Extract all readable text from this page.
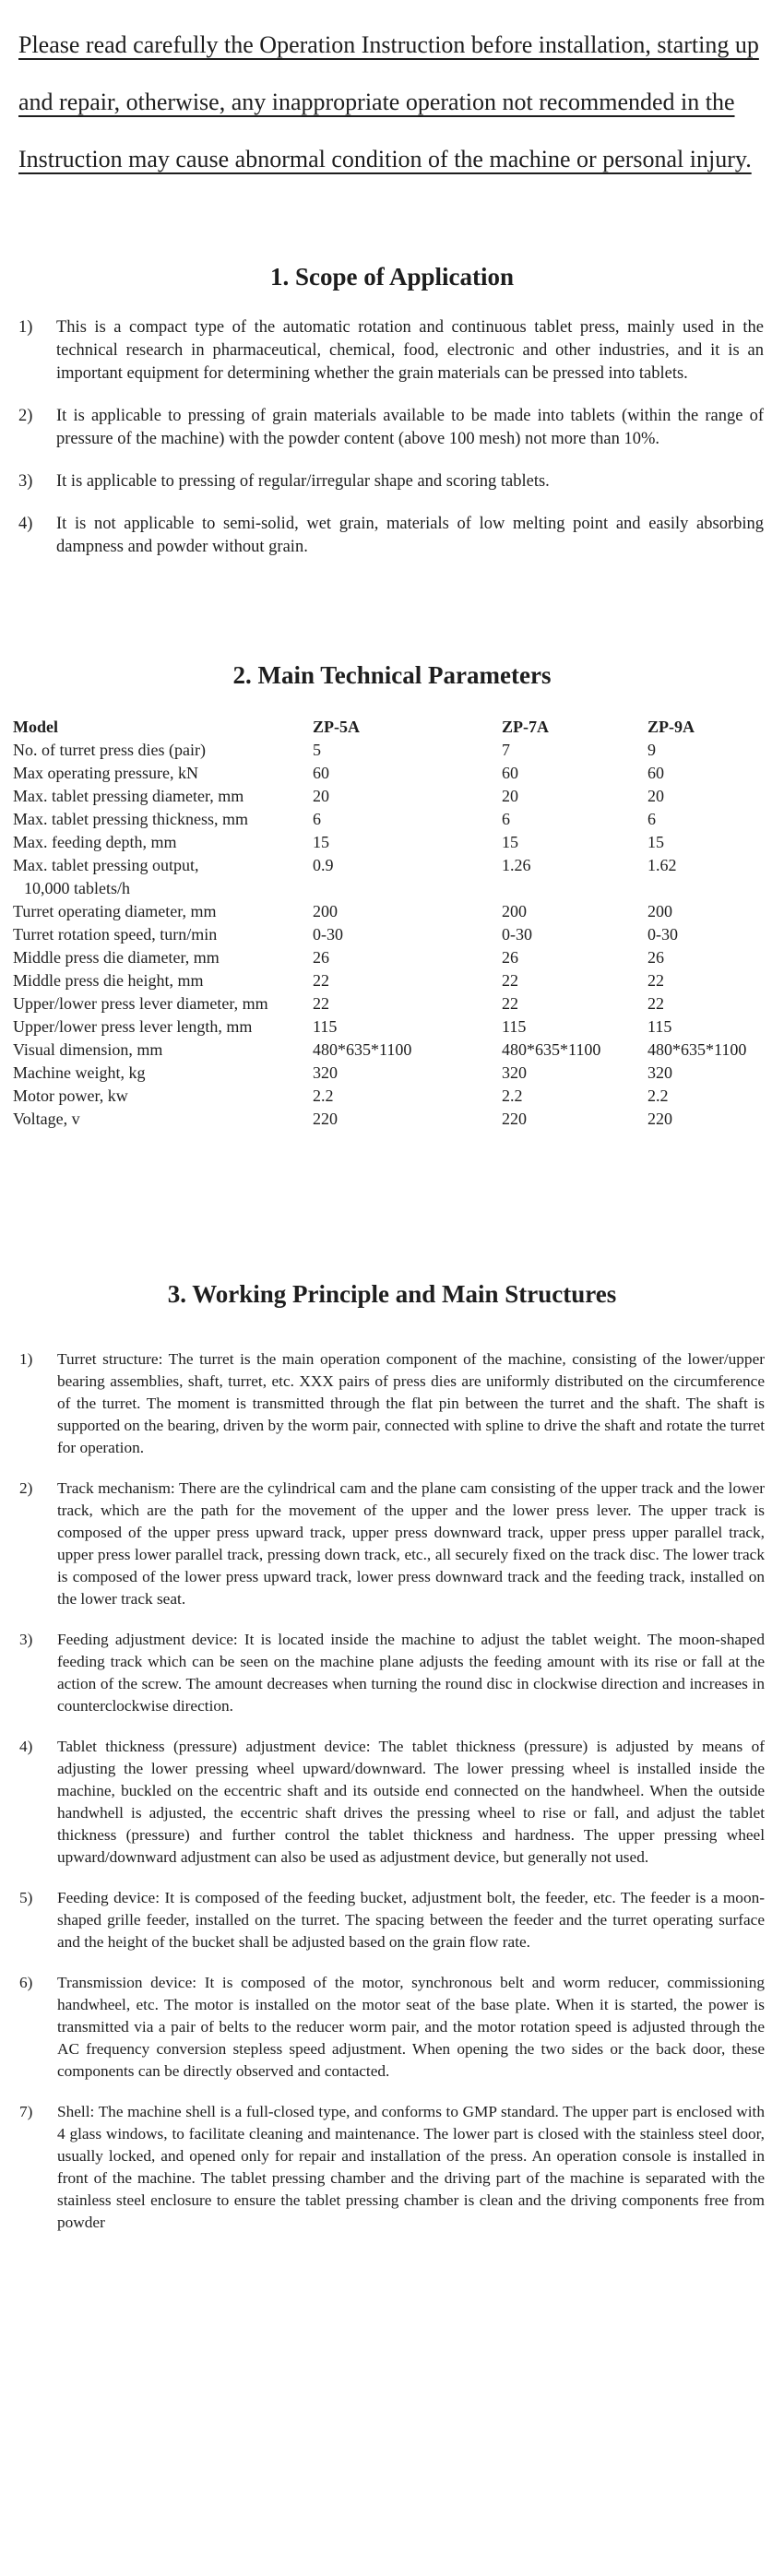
Please read carefully the Operation Instruction before installation, starting up and repair, otherwise, any inappropriate operation not recommended in the Instruction may cause abnormal condition of the machine or personal injury.
1. Scope of Application
1) This is a compact type of the automatic rotation and continuous tablet press, mainly used in the technical research in pharmaceutical, chemical, food, electronic and other industries, and it is an important equipment for determining whether the grain materials can be pressed into tablets.
2) It is applicable to pressing of grain materials available to be made into tablets (within the range of pressure of the machine) with the powder content (above 100 mesh) not more than 10%.
3) It is applicable to pressing of regular/irregular shape and scoring tablets.
4) It is not applicable to semi-solid, wet grain, materials of low melting point and easily absorbing dampness and powder without grain.
2. Main Technical Parameters
Model	ZP-5A	ZP-7A	ZP-9A
No. of turret press dies (pair)	5	7	9
Max operating pressure, kN	60	60	60
Max. tablet pressing diameter, mm	20	20	20
Max. tablet pressing thickness, mm	6	6	6
Max. feeding depth, mm	15	15	15
Max. tablet pressing output,	0.9	1.26	1.62
10,000 tablets/h
Turret operating diameter, mm	200	200	200
Turret rotation speed, turn/min	0-30	0-30	0-30
Middle press die diameter, mm	26	26	26
Middle press die height, mm	22	22	22
Upper/lower press lever diameter, mm	22	22	22
Upper/lower press lever length, mm	115	115	115
Visual dimension, mm	480*635*1100	480*635*1100	480*635*1100
Machine weight, kg	320	320	320
Motor power, kw	2.2	2.2	2.2
Voltage, v	220	220	220
3. Working Principle and Main Structures
1) Turret structure: The turret is the main operation component of the machine, consisting of the lower/upper bearing assemblies, shaft, turret, etc. XXX pairs of press dies are uniformly distributed on the circumference of the turret. The moment is transmitted through the flat pin between the turret and the shaft. The shaft is supported on the bearing, driven by the worm pair, connected with spline to drive the shaft and rotate the turret for operation.
2) Track mechanism: There are the cylindrical cam and the plane cam consisting of the upper track and the lower track, which are the path for the movement of the upper and the lower press lever. The upper track is composed of the upper press upward track, upper press downward track, upper press upper parallel track, upper press lower parallel track, pressing down track, etc., all securely fixed on the track disc. The lower track is composed of the lower press upward track, lower press downward track and the feeding track, installed on the lower track seat.
3) Feeding adjustment device: It is located inside the machine to adjust the tablet weight. The moon-shaped feeding track which can be seen on the machine plane adjusts the feeding amount with its rise or fall at the action of the screw. The amount decreases when turning the round disc in clockwise direction and increases in counterclockwise direction.
4) Tablet thickness (pressure) adjustment device: The tablet thickness (pressure) is adjusted by means of adjusting the lower pressing wheel upward/downward. The lower pressing wheel is installed inside the machine, buckled on the eccentric shaft and its outside end connected on the handwheel. When the outside handwhell is adjusted, the eccentric shaft drives the pressing wheel to rise or fall, and adjust the tablet thickness (pressure) and further control the tablet thickness and hardness. The upper pressing wheel upward/downward adjustment can also be used as adjustment device, but generally not used.
5) Feeding device: It is composed of the feeding bucket, adjustment bolt, the feeder, etc. The feeder is a moon-shaped grille feeder, installed on the turret. The spacing between the feeder and the turret operating surface and the height of the bucket shall be adjusted based on the grain flow rate.
6) Transmission device: It is composed of the motor, synchronous belt and worm reducer, commissioning handwheel, etc. The motor is installed on the motor seat of the base plate. When it is started, the power is transmitted via a pair of belts to the reducer worm pair, and the motor rotation speed is adjusted through the AC frequency conversion stepless speed adjustment. When opening the two sides or the back door, these components can be directly observed and contacted.
7) Shell: The machine shell is a full-closed type, and conforms to GMP standard. The upper part is enclosed with 4 glass windows, to facilitate cleaning and maintenance. The lower part is closed with the stainless steel door, usually locked, and opened only for repair and installation of the press. An operation console is installed in front of the machine. The tablet pressing chamber and the driving part of the machine is separated with the stainless steel enclosure to ensure the tablet pressing chamber is clean and the driving components free from powder
